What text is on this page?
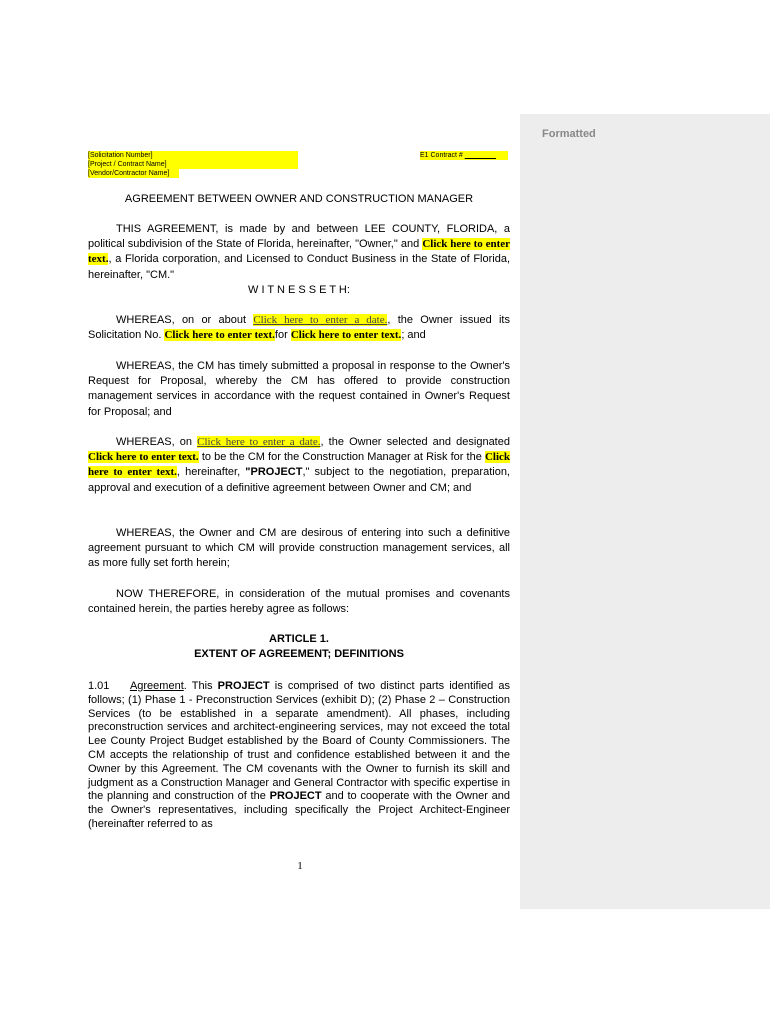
[Solicitation Number]	E1 Contract # ________
[Project / Contract Name]
[Vendor/Contractor Name]
AGREEMENT BETWEEN OWNER AND CONSTRUCTION MANAGER

THIS AGREEMENT, is made by and between LEE COUNTY, FLORIDA, a political subdivision of the State of Florida, hereinafter, "Owner," and Click here to enter text., a Florida corporation, and Licensed to Conduct Business in the State of Florida, hereinafter, "CM."

W I T N E S S E T H:

WHEREAS, on or about Click here to enter a date., the Owner issued its Solicitation No. Click here to enter text.for Click here to enter text.; and

WHEREAS, the CM has timely submitted a proposal in response to the Owner's Request for Proposal, whereby the CM has offered to provide construction management services in accordance with the request contained in Owner's Request for Proposal; and

WHEREAS, on Click here to enter a date., the Owner selected and designated Click here to enter text. to be the CM for the Construction Manager at Risk for the Click here to enter text., hereinafter, "PROJECT," subject to the negotiation, preparation, approval and execution of a definitive agreement between Owner and CM; and

WHEREAS, the Owner and CM are desirous of entering into such a definitive agreement pursuant to which CM will provide construction management services, all as more fully set forth herein;

NOW THEREFORE, in consideration of the mutual promises and covenants contained herein, the parties hereby agree as follows:

ARTICLE 1.
EXTENT OF AGREEMENT; DEFINITIONS

1.01 Agreement. This PROJECT is comprised of two distinct parts identified as follows; (1) Phase 1 - Preconstruction Services (exhibit D); (2) Phase 2 – Construction Services (to be established in a separate amendment). All phases, including preconstruction services and architect-engineering services, may not exceed the total Lee County Project Budget established by the Board of County Commissioners. The CM accepts the relationship of trust and confidence established between it and the Owner by this Agreement. The CM covenants with the Owner to furnish its skill and judgment as a Construction Manager and General Contractor with specific expertise in the planning and construction of the PROJECT and to cooperate with the Owner and the Owner's representatives, including specifically the Project Architect-Engineer (hereinafter referred to as

1
Formatted
